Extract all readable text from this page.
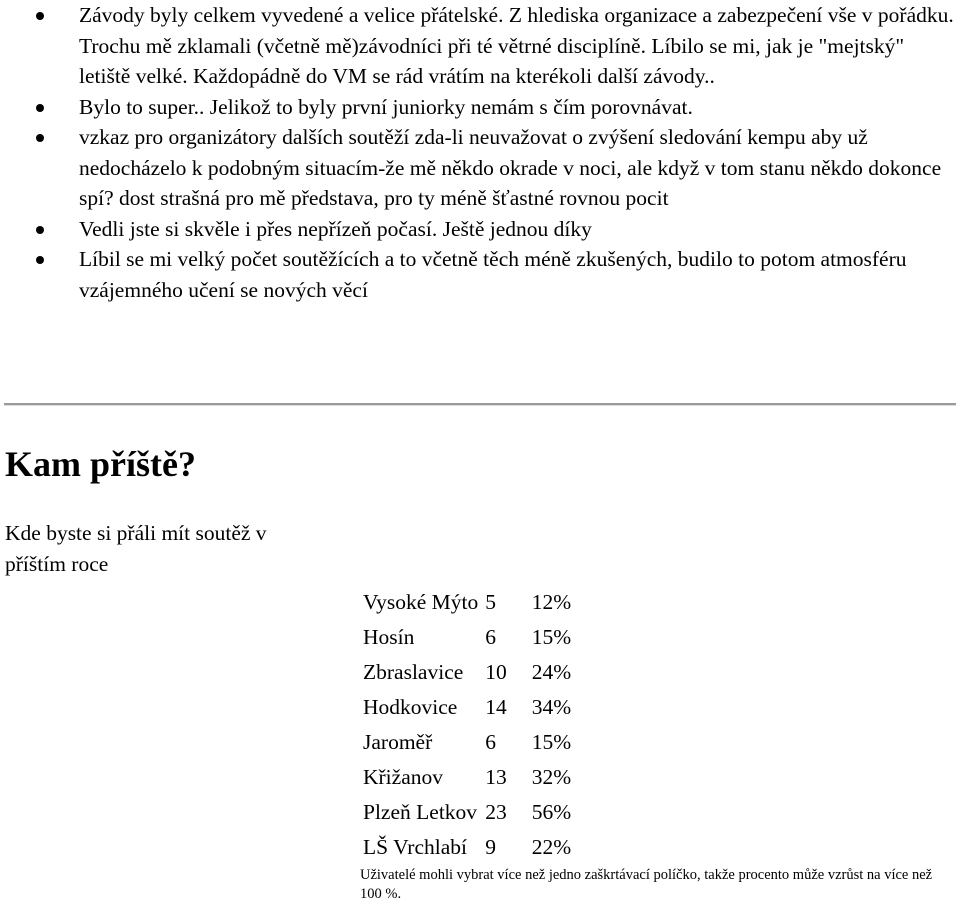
Závody byly celkem vyvedené a velice přátelské. Z hlediska organizace a zabezpečení vše v pořádku. Trochu mě zklamali (včetně mě)závodníci při té větrné disciplíně. Líbilo se mi, jak je "mejtský" letiště velké. Každopádně do VM se rád vrátím na kterékoli další závody..
Bylo to super.. Jelikož to byly první juniorky nemám s čím porovnávat.
vzkaz pro organizátory dalších soutěží zda-li neuvažovat o zvýšení sledování kempu aby už nedocházelo k podobným situacím-že mě někdo okrade v noci, ale když v tom stanu někdo dokonce spí? dost strašná pro mě představa, pro ty méně šťastné rovnou pocit
Vedli jste si skvěle i přes nepřízeň počasí. Ještě jednou díky
Líbil se mi velký počet soutěžících a to včetně těch méně zkušených, budilo to potom atmosféru vzájemného učení se nových věcí
Kam příště?

Kde byste si přáli mít soutěž v příštím roce

Vysoké Mýto	5	12%
Hosín	6	15%
Zbraslavice	10	24%
Hodkovice	14	34%
Jaroměř	6	15%
Křižanov	13	32%
Plzeň Letkov	23	56%
LŠ Vrchlabí	9	22%

Uživatelé mohli vybrat více než jedno zaškrtávací políčko, takže procento může vzrůst na více než 100 %.
